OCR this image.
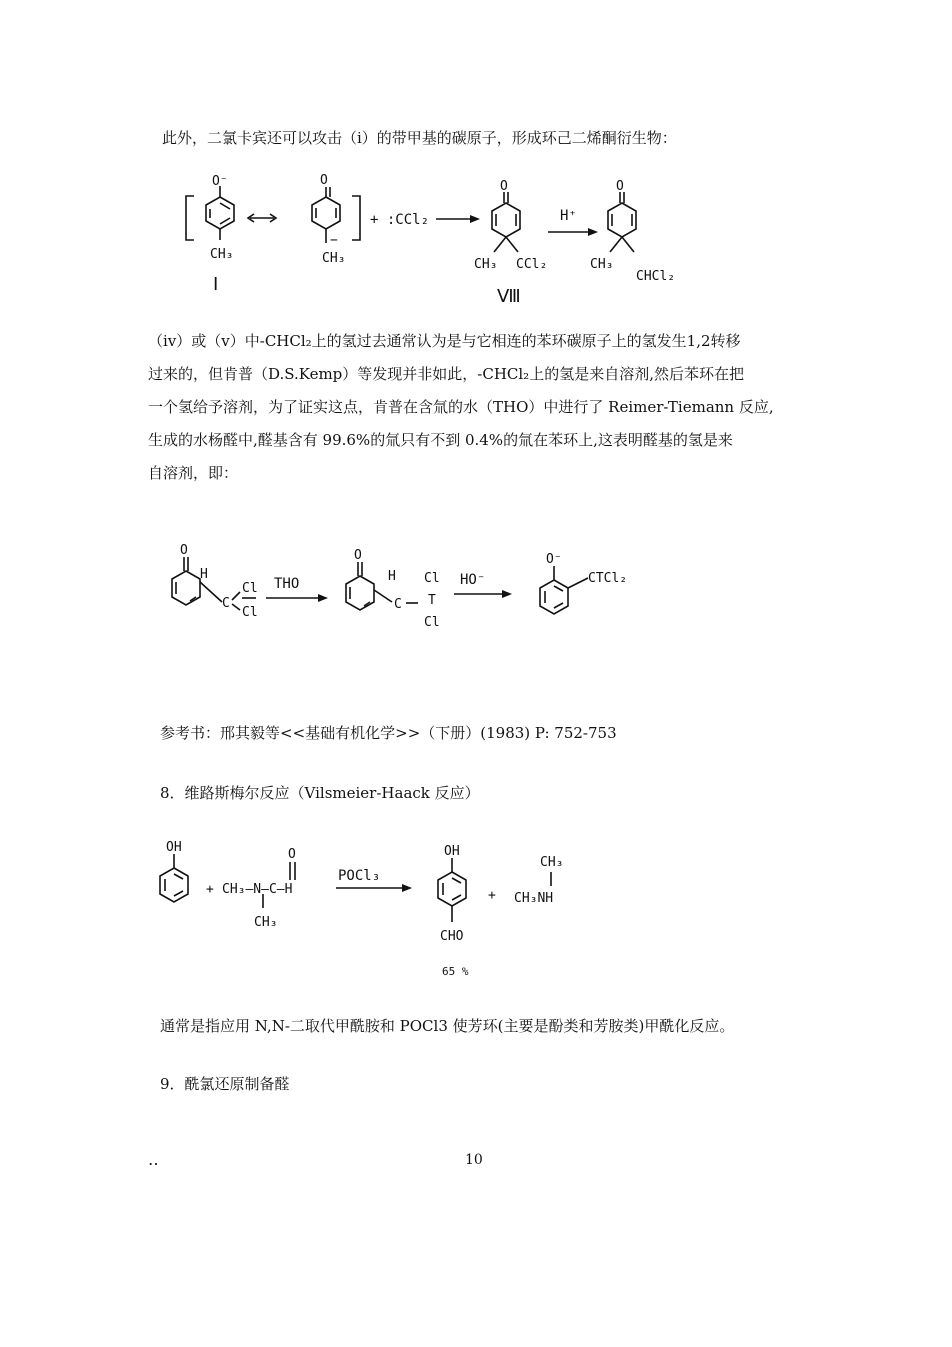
此外，二氯卡宾还可以攻击（ⅰ）的带甲基的碳原子，形成环己二烯酮衍生物：
O⁻
CH₃
Ⅰ
O
−
CH₃
+ :CCl₂
O
CH₃ CCl₂
Ⅷ
H⁺
O
CH₃
CHCl₂
（ⅳ）或（ⅴ）中-CHCl₂上的氢过去通常认为是与它相连的苯环碳原子上的氢发生1,2转移
过来的，但肯普（D.S.Kemp）等发现并非如此，-CHCl₂上的氢是来自溶剂,然后苯环在把
一个氢给予溶剂，为了证实这点，肯普在含氚的水（THO）中进行了 Reimer-Tiemann 反应,
生成的水杨醛中,醛基含有 99.6%的氚只有不到 0.4%的氚在苯环上,这表明醛基的氢是来
自溶剂，即：
O
H
C
Cl
Cl
THO
O
H
C
Cl
T
Cl
HO⁻
O⁻
CTCl₂
参考书：邢其毅等<<基础有机化学>>（下册）(1983) P: 752-753
8．维路斯梅尔反应（Vilsmeier-Haack 反应）
OH
+ CH₃—N—C—H
O
CH₃
POCl₃
OH
CHO
65 %
+
CH₃
CH₃NH
通常是指应用 N,N-二取代甲酰胺和 POCl3 使芳环(主要是酚类和芳胺类)甲酰化反应。
9．酰氯还原制备醛
‥	10
